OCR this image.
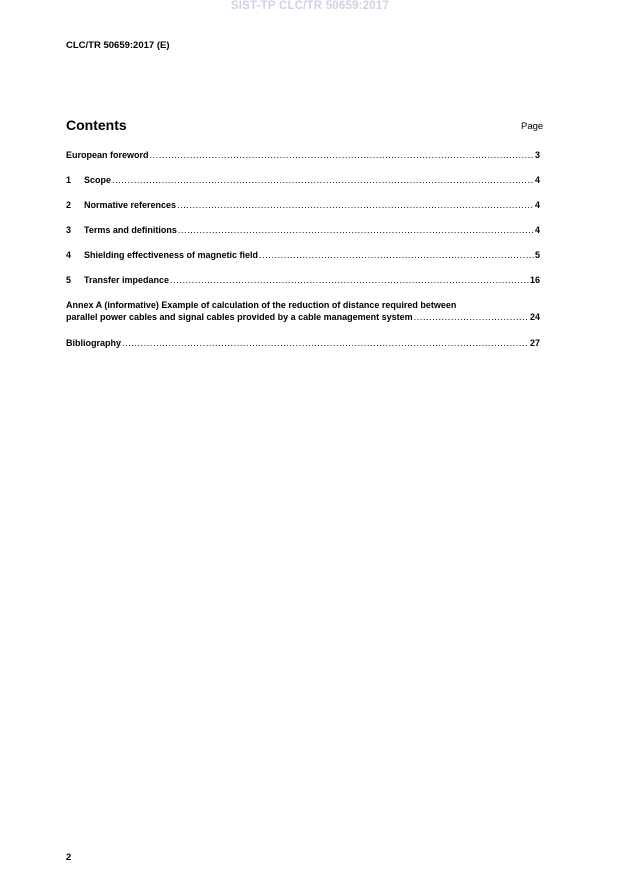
SIST-TP CLC/TR 50659:2017
CLC/TR 50659:2017 (E)
Contents	Page
European foreword .....	3
1	Scope .....	4
2	Normative references .....	4
3	Terms and definitions .....	4
4	Shielding effectiveness of magnetic field .....	5
5	Transfer impedance .....	16
Annex A (informative) Example of calculation of the reduction of distance required between
parallel power cables and signal cables provided by a cable management system .....	24
Bibliography .....	27
2
